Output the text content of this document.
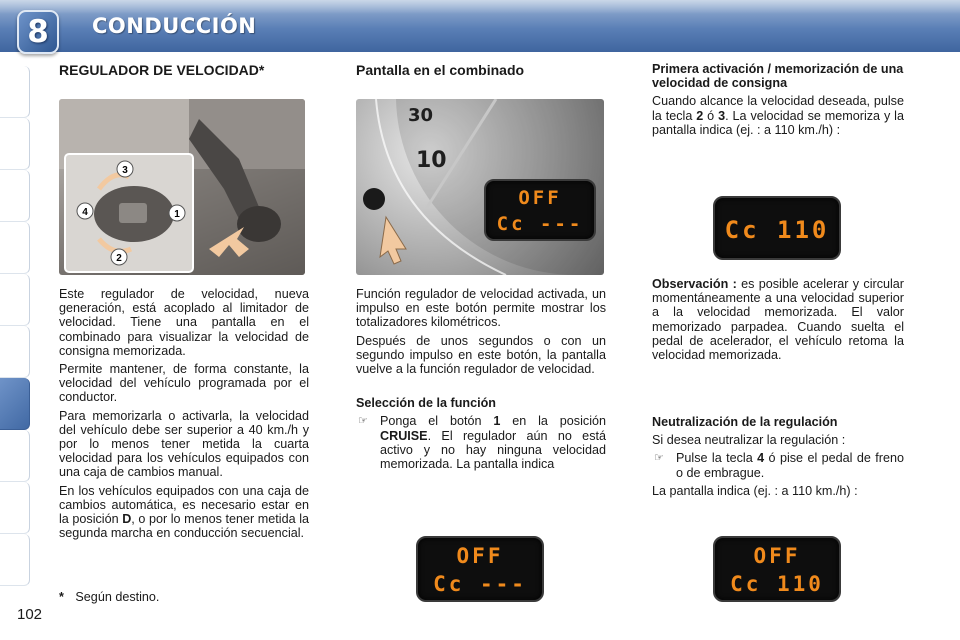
8	CONDUCCIÓN
REGULADOR DE VELOCIDAD*
3
4	1
2

Este regulador de velocidad, nueva generación, está acoplado al limitador de velocidad. Tiene una pantalla en el combinado para visualizar la velocidad de consigna memorizada.

Permite mantener, de forma constante, la velocidad del vehículo programada por el conductor.

Para memorizarla o activarla, la velocidad del vehículo debe ser superior a 40 km./h y por lo menos tener metida la cuarta velocidad para los vehículos equipados con una caja de cambios manual.

En los vehículos equipados con una caja de cambios automática, es necesario estar en la posición D, o por lo menos tener metida la segunda marcha en conducción secuencial.

Pantalla en el combinado
30
10
OFF
Cc ---

Función regulador de velocidad activada, un impulso en este botón permite mostrar los totalizadores kilométricos.

Después de unos segundos o con un segundo impulso en este botón, la pantalla vuelve a la función regulador de velocidad.

Selección de la función
☞ Ponga el botón 1 en la posición CRUISE. El regulador aún no está activo y no hay ninguna velocidad memorizada. La pantalla indica
OFF
Cc ---
Primera activación / memorización de una velocidad de consigna

Cuando alcance la velocidad deseada, pulse la tecla 2 ó 3. La velocidad se memoriza y la pantalla indica (ej. : a 110 km./h) :

Cc 110

Observación : es posible acelerar y circular momentáneamente a una velocidad superior a la velocidad memorizada. El valor memorizado parpadea. Cuando suelta el pedal de acelerador, el vehículo retoma la velocidad memorizada.

Neutralización de la regulación

Si desea neutralizar la regulación :

☞ Pulse la tecla 4 ó pise el pedal de freno o de embrague.

La pantalla indica (ej. : a 110 km./h) :

OFF
Cc 110
* Según destino.
102
